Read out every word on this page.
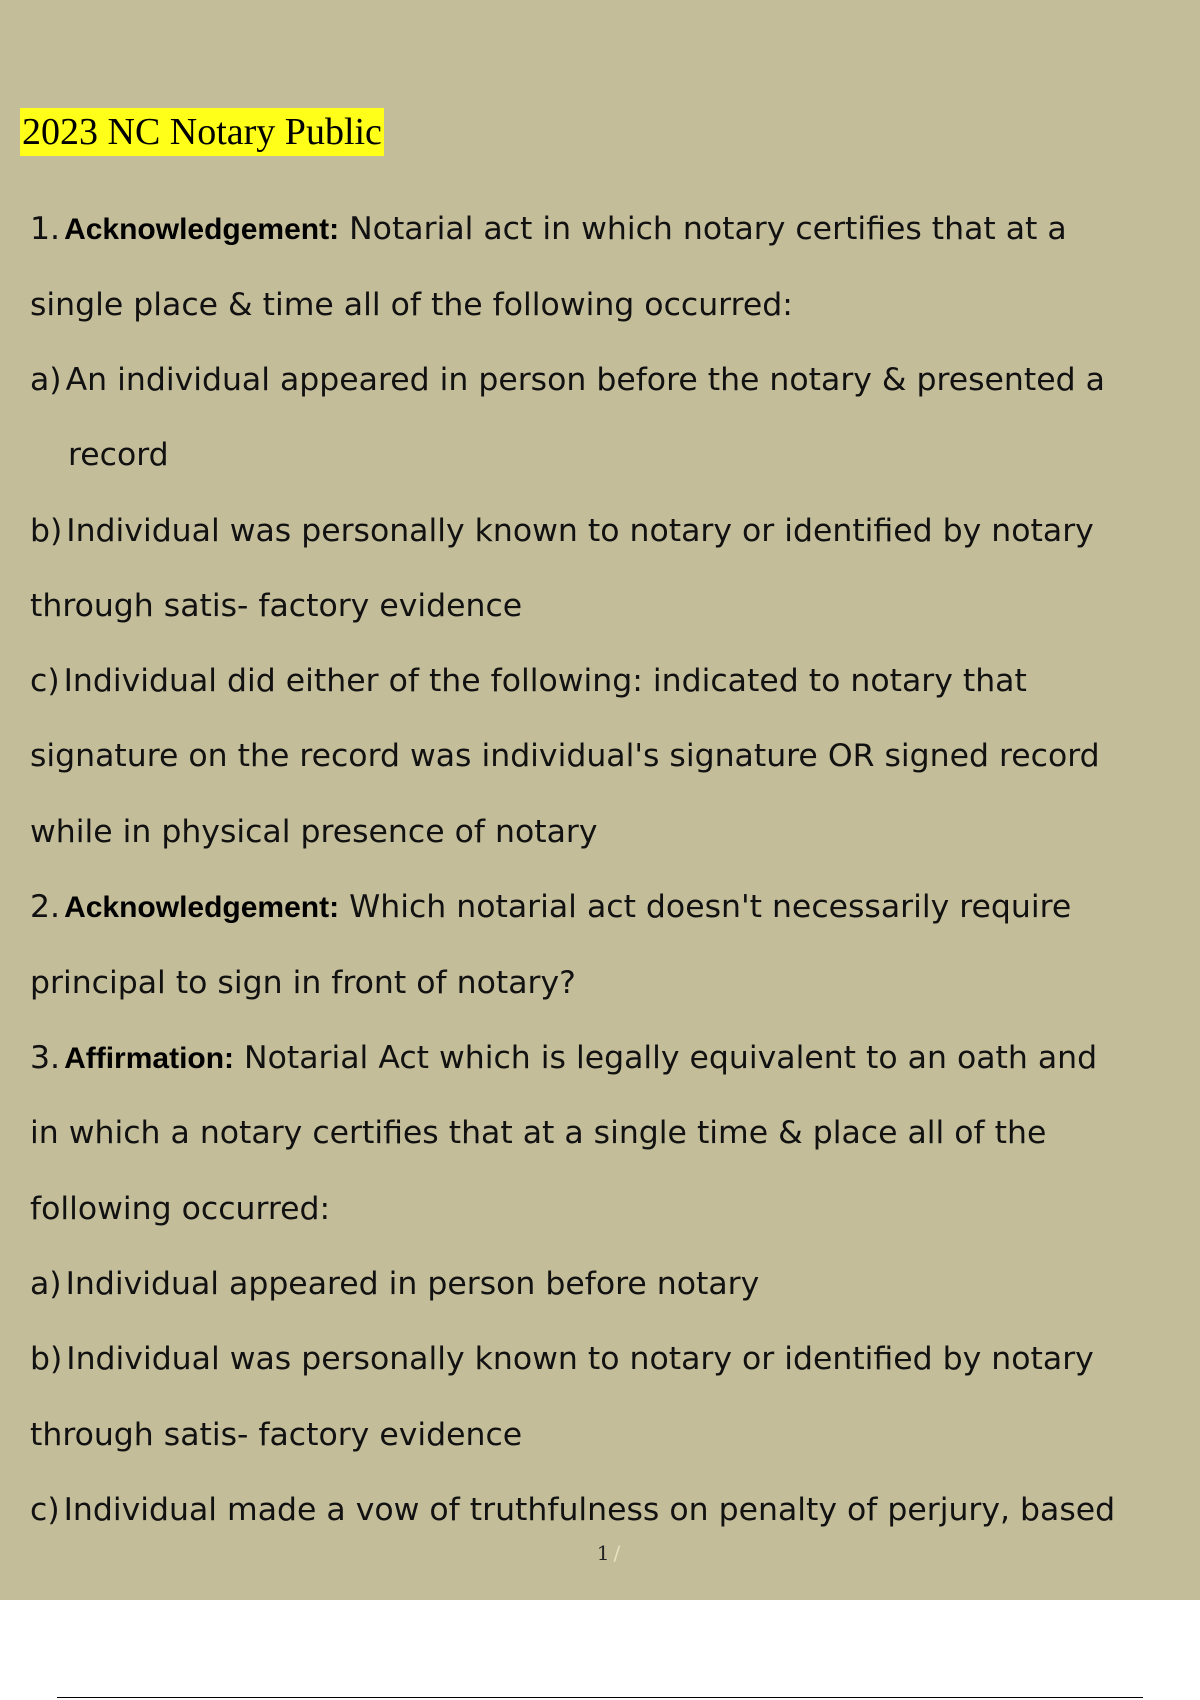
2023 NC Notary Public
1. Acknowledgement: Notarial act in which notary certifies that at a
single place & time all of the following occurred:
a) An individual appeared in person before the notary & presented a
record
b) Individual was personally known to notary or identified by notary
through satis- factory evidence
c) Individual did either of the following: indicated to notary that
signature on the record was individual's signature OR signed record
while in physical presence of notary
2. Acknowledgement: Which notarial act doesn't necessarily require
principal to sign in front of notary?
3. Affirmation: Notarial Act which is legally equivalent to an oath and
in which a notary certifies that at a single time & place all of the
following occurred:
a) Individual appeared in person before notary
b) Individual was personally known to notary or identified by notary
through satis- factory evidence
c) Individual made a vow of truthfulness on penalty of perjury, based
1 /
